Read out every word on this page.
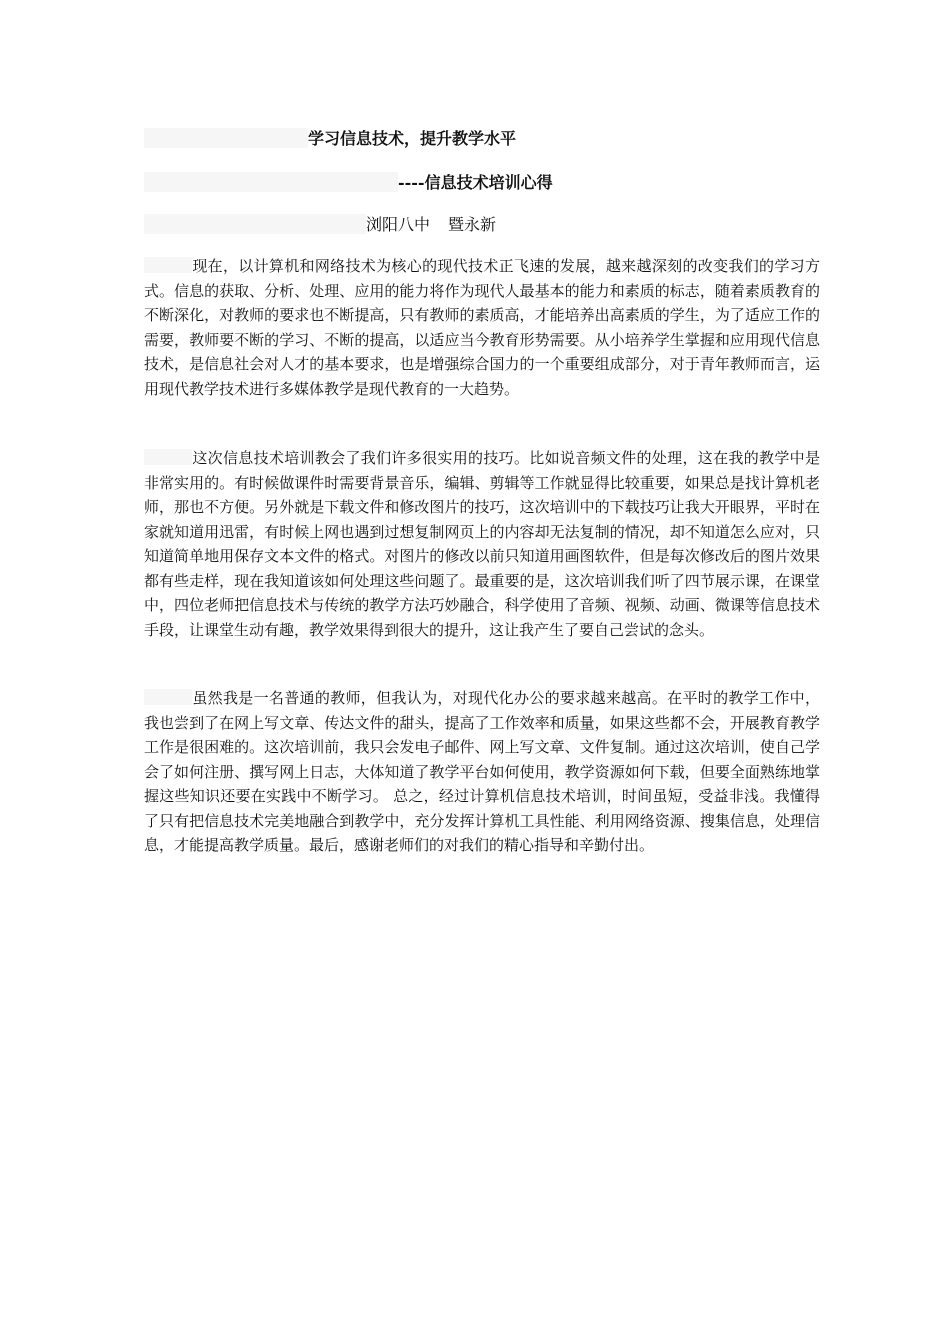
学习信息技术，提升教学水平
----信息技术培训心得
浏阳八中 暨永新

现在，以计算机和网络技术为核心的现代技术正飞速的发展，越来越深刻的改变我们的学习方式。信息的获取、分析、处理、应用的能力将作为现代人最基本的能力和素质的标志，随着素质教育的不断深化，对教师的要求也不断提高，只有教师的素质高，才能培养出高素质的学生，为了适应工作的需要，教师要不断的学习、不断的提高，以适应当今教育形势需要。从小培养学生掌握和应用现代信息技术，是信息社会对人才的基本要求，也是增强综合国力的一个重要组成部分，对于青年教师而言，运用现代教学技术进行多媒体教学是现代教育的一大趋势。

这次信息技术培训教会了我们许多很实用的技巧。比如说音频文件的处理，这在我的教学中是非常实用的。有时候做课件时需要背景音乐，编辑、剪辑等工作就显得比较重要，如果总是找计算机老师，那也不方便。另外就是下载文件和修改图片的技巧，这次培训中的下载技巧让我大开眼界，平时在家就知道用迅雷，有时候上网也遇到过想复制网页上的内容却无法复制的情况，却不知道怎么应对，只知道简单地用保存文本文件的格式。对图片的修改以前只知道用画图软件，但是每次修改后的图片效果都有些走样，现在我知道该如何处理这些问题了。最重要的是，这次培训我们听了四节展示课，在课堂中，四位老师把信息技术与传统的教学方法巧妙融合，科学使用了音频、视频、动画、微课等信息技术手段，让课堂生动有趣，教学效果得到很大的提升，这让我产生了要自己尝试的念头。

虽然我是一名普通的教师，但我认为，对现代化办公的要求越来越高。在平时的教学工作中，我也尝到了在网上写文章、传达文件的甜头，提高了工作效率和质量，如果这些都不会，开展教育教学工作是很困难的。这次培训前，我只会发电子邮件、网上写文章、文件复制。通过这次培训，使自己学会了如何注册、撰写网上日志，大体知道了教学平台如何使用，教学资源如何下载，但要全面熟练地掌握这些知识还要在实践中不断学习。 总之，经过计算机信息技术培训，时间虽短，受益非浅。我懂得了只有把信息技术完美地融合到教学中，充分发挥计算机工具性能、利用网络资源、搜集信息，处理信息，才能提高教学质量。最后，感谢老师们的对我们的精心指导和辛勤付出。
